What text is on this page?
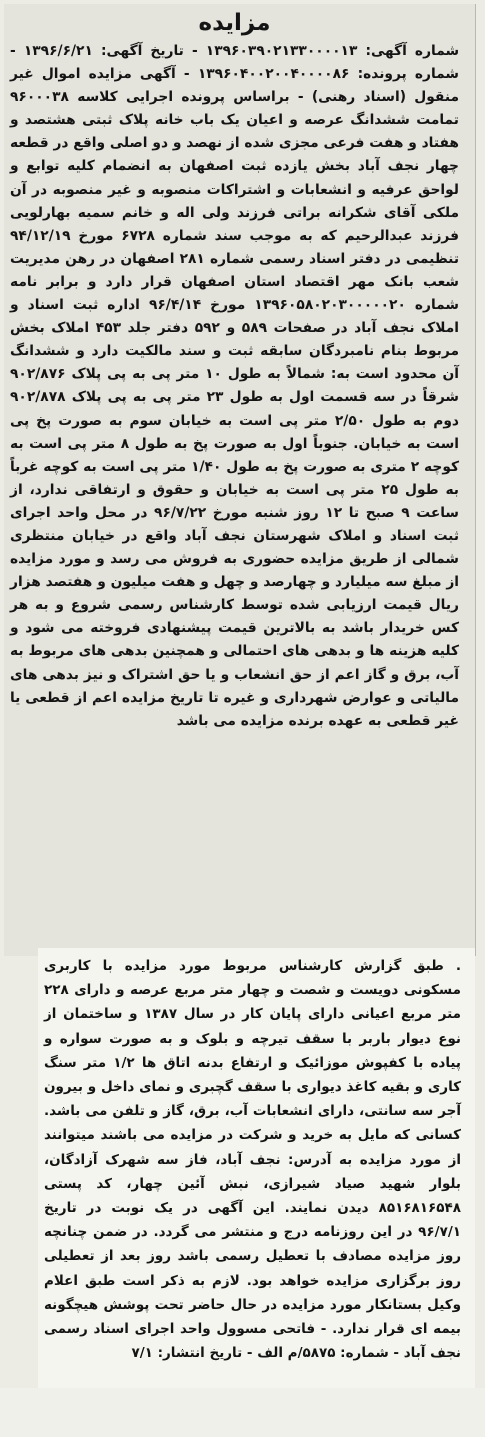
مزایده

شماره آگهی: ۱۳۹۶۰۳۹۰۲۱۳۳۰۰۰۰۱۳ - تاریخ آگهی: ۱۳۹۶/۶/۲۱ - شماره پرونده: ۱۳۹۶۰۴۰۰۲۰۰۴۰۰۰۰۸۶ - آگهی مزایده اموال غیر منقول (اسناد رهنی) - براساس پرونده اجرایی کلاسه ۹۶۰۰۰۳۸ تمامت ششدانگ عرصه و اعیان یک باب خانه پلاک ثبتی هشتصد و هفتاد و هفت فرعی مجزی شده از نهصد و دو اصلی واقع در قطعه چهار نجف آباد بخش یازده ثبت اصفهان به انضمام کلیه توابع و لواحق عرفیه و انشعابات و اشتراکات منصوبه و غیر منصوبه در آن ملکی آقای شکرانه براتی فرزند ولی اله و خانم سمیه بهارلویی فرزند عبدالرحیم که به موجب سند شماره ۶۷۲۸ مورخ ۹۴/۱۲/۱۹ تنظیمی در دفتر اسناد رسمی شماره ۲۸۱ اصفهان در رهن مدیریت شعب بانک مهر اقتصاد استان اصفهان قرار دارد و برابر نامه شماره ۱۳۹۶۰۵۸۰۲۰۳۰۰۰۰۰۲۰ مورخ ۹۶/۴/۱۴ اداره ثبت اسناد و املاک نجف آباد در صفحات ۵۸۹ و ۵۹۲ دفتر جلد ۴۵۳ املاک بخش مربوط بنام نامبردگان سابقه ثبت و سند مالکیت دارد و ششدانگ آن محدود است به: شمالاً به طول ۱۰ متر پی به پی پلاک ۹۰۲/۸۷۶ شرقاً در سه قسمت اول به طول ۲۳ متر پی به پی پلاک ۹۰۲/۸۷۸ دوم به طول ۲/۵۰ متر پی است به خیابان سوم به صورت پخ پی است به خیابان. جنوباً اول به صورت پخ به طول ۸ متر پی است به کوچه ۲ متری به صورت پخ به طول ۱/۴۰ متر پی است به کوچه غرباً به طول ۲۵ متر پی است به خیابان و حقوق و ارتفاقی ندارد، از ساعت ۹ صبح تا ۱۲ روز شنبه مورخ ۹۶/۷/۲۲ در محل واحد اجرای ثبت اسناد و املاک شهرستان نجف آباد واقع در خیابان منتظری شمالی از طریق مزایده حضوری به فروش می رسد و مورد مزایده از مبلغ سه میلیارد و چهارصد و چهل و هفت میلیون و هفتصد هزار ریال قیمت ارزیابی شده توسط کارشناس رسمی شروع و به هر کس خریدار باشد به بالاترین قیمت پیشنهادی فروخته می شود و کلیه هزینه ها و بدهی های احتمالی و همچنین بدهی های مربوط به آب، برق و گاز اعم از حق انشعاب و یا حق اشتراک و نیز بدهی های مالیاتی و عوارض شهرداری و غیره تا تاریخ مزایده اعم از قطعی یا غیر قطعی به عهده برنده مزایده می باشد

. طبق گزارش کارشناس مربوط مورد مزایده با کاربری مسکونی دویست و شصت و چهار متر مربع عرصه و دارای ۲۲۸ متر مربع اعیانی دارای پایان کار در سال ۱۳۸۷ و ساختمان از نوع دیوار باربر با سقف تیرچه و بلوک و به صورت سواره و پیاده با کفپوش موزائیک و ارتفاع بدنه اتاق ها ۱/۲ متر سنگ کاری و بقیه کاغذ دیواری با سقف گچبری و نمای داخل و بیرون آجر سه سانتی، دارای انشعابات آب، برق، گاز و تلفن می باشد. کسانی که مایل به خرید و شرکت در مزایده می باشند میتوانند از مورد مزایده به آدرس: نجف آباد، فاز سه شهرک آزادگان، بلوار شهید صیاد شیرازی، نبش آئین چهار، کد پستی ۸۵۱۶۸۱۶۵۴۸ دیدن نمایند. این آگهی در یک نوبت در تاریخ ۹۶/۷/۱ در این روزنامه درج و منتشر می گردد. در ضمن چنانچه روز مزایده مصادف با تعطیل رسمی باشد روز بعد از تعطیلی روز برگزاری مزایده خواهد بود. لازم به ذکر است طبق اعلام وکیل بستانکار مورد مزایده در حال حاضر تحت پوشش هیچگونه بیمه ای قرار ندارد. - فاتحی مسوول واحد اجرای اسناد رسمی نجف آباد - شماره: ۵۸۷۵/م الف - تاریخ انتشار: ۷/۱
